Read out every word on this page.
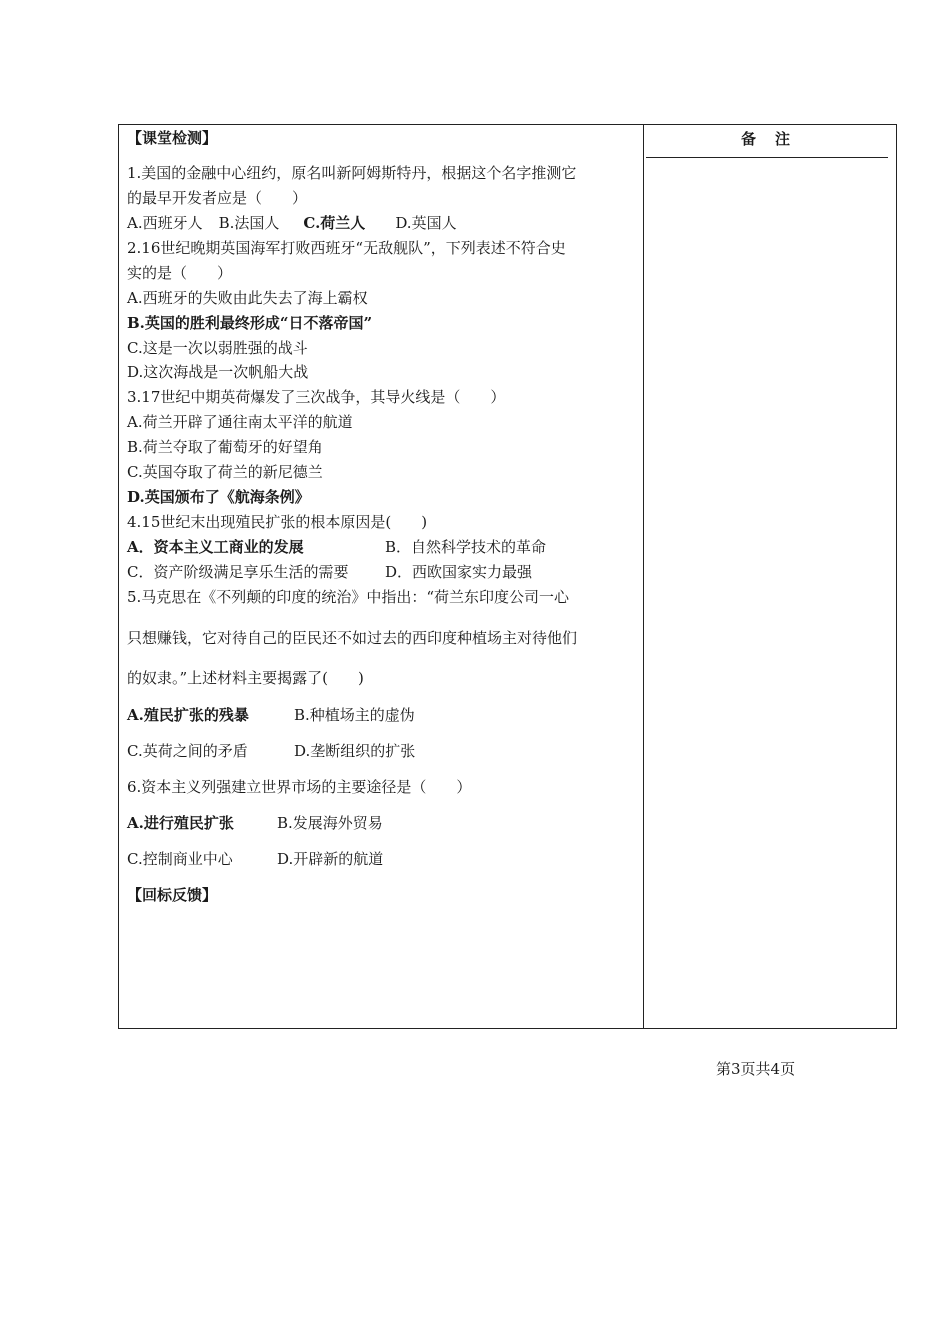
备　注
【课堂检测】
1.美国的金融中心纽约，原名叫新阿姆斯特丹，根据这个名字推测它
的最早开发者应是（　　）
A.西班牙人 B.法国人 C.荷兰人 D.英国人
2.16世纪晚期英国海军打败西班牙“无敌舰队”，下列表述不符合史
实的是（　　）
A.西班牙的失败由此失去了海上霸权
B.英国的胜利最终形成“日不落帝国”
C.这是一次以弱胜强的战斗
D.这次海战是一次帆船大战
3.17世纪中期英荷爆发了三次战争，其导火线是（　　）
A.荷兰开辟了通往南太平洋的航道
B.荷兰夺取了葡萄牙的好望角
C.英国夺取了荷兰的新尼德兰
D.英国颁布了《航海条例》
4.15世纪末出现殖民扩张的根本原因是(　　)
A．资本主义工商业的发展	B．自然科学技术的革命
C．资产阶级满足享乐生活的需要 D．西欧国家实力最强
5.马克思在《不列颠的印度的统治》中指出：“荷兰东印度公司一心
只想赚钱，它对待自己的臣民还不如过去的西印度种植场主对待他们
的奴隶。”上述材料主要揭露了(　　)
A.殖民扩张的残暴	B.种植场主的虚伪
C.英荷之间的矛盾	D.垄断组织的扩张
6.资本主义列强建立世界市场的主要途径是（　　）
A.进行殖民扩张	B.发展海外贸易
C.控制商业中心	D.开辟新的航道
【回标反馈】
第3页共4页
